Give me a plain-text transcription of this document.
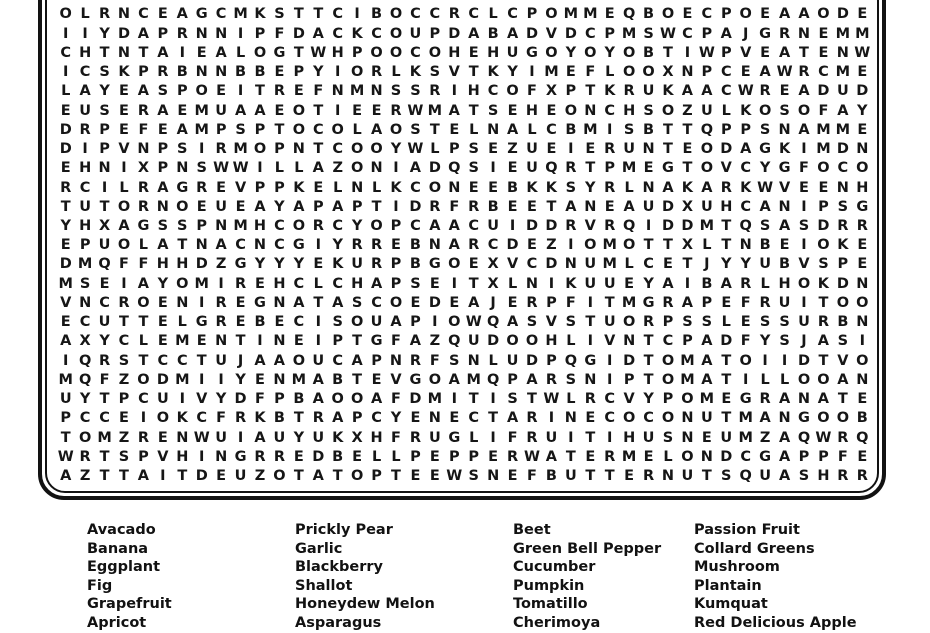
O L R N C E A G C M K S T T C I B O C C R C L C P O M M E Q B O E C P O E A A O D E
I I Y D A P R N N I P F D A C K C O U P D A B A D V D C P M S W C P A J G R N E M M
C H T N T A I E A L O G T W H P O O C O H E H U G O Y O Y O B T I W P V E A T E N W
I C S K P R B N N B B E P Y I O R L K S V T K Y I M E F L O O X N P C E A W R C M E
L A Y E A S P O E I T R E F N M N S S R I H C O F X P T K R U K A A C W R E A D U D
E U S E R A E M U A A E O T I E E R W M A T S E H E O N C H S O Z U L K O S O F A Y
D R P E F E A M P S P T O C O L A O S T E L N A L C B M I S B T T Q P P S N A M M E
D I P V N P S I R M O P N T C O O Y W L P S E Z U E I E R U N T E O D A G K I M D N
E H N I X P N S W W I L L A Z O N I A D Q S I E U Q R T P M E G T O V C Y G F O C O
R C I L R A G R E V P P K E L N L K C O N E E B K K S Y R L N A K A R K W V E E N H
T U T O R N O E U E A Y A P A P T I D R F R B E E T A N E A U D X U H C A N I P S G
Y H X A G S S P N M H C O R C Y O P C A A C U I D D R V R Q I D D M T Q S A S D R R
E P U O L A T N A C N C G I Y R R E B N A R C D E Z I O M O T T X L T N B E I O K E
D M Q F F H H D Z G Y Y Y E K U R P B G O E X V C D N U M L C E T J Y Y U B V S P E
M S E I A Y O M I R E H C L C H A P S E I T X L N I K U U E Y A I B A R L H O K D N
V N C R O E N I R E G N A T A S C O E D E A J E R P F I T M G R A P E F R U I T O O
E C U T T E L G R E B E C I S O U A P I O W Q A S V S T U O R P S S L E S S U R B N
A X Y C L E M E N T I N E I P T G F A Z Q U D O O H L I V N T C P A D F Y S J A S I
I Q R S T C C T U J A A O U C A P N R F S N L U D P Q G I D T O M A T O I I D T V O
M Q F Z O D M I I Y E N M A B T E V G O A M Q P A R S N I P T O M A T I L L O O A N
U Y T P C U I V Y D F P B A O O A F D M I T I S T W L R C V Y P O M E G R A N A T E
P C C E I O K C F R K B T R A P C Y E N E C T A R I N E C O C O N U T M A N G O O B
T O M Z R E N W U I A U Y U K X H F R U G L I F R U I T I H U S N E U M Z A Q W R Q
W R T S P V H I N G R R E D B E L L P E P P E R W A T E R M E L O N D C G A P P F E
A Z T T A I T D E U Z O T A T O P T E E W S N E F B U T T E R N U T S Q U A S H R R
Avacado
Banana
Eggplant
Fig
Grapefruit
Apricot
Prickly Pear
Garlic
Blackberry
Shallot
Honeydew Melon
Asparagus
Beet
Green Bell Pepper
Cucumber
Pumpkin
Tomatillo
Cherimoya
Passion Fruit
Collard Greens
Mushroom
Plantain
Kumquat
Red Delicious Apple
